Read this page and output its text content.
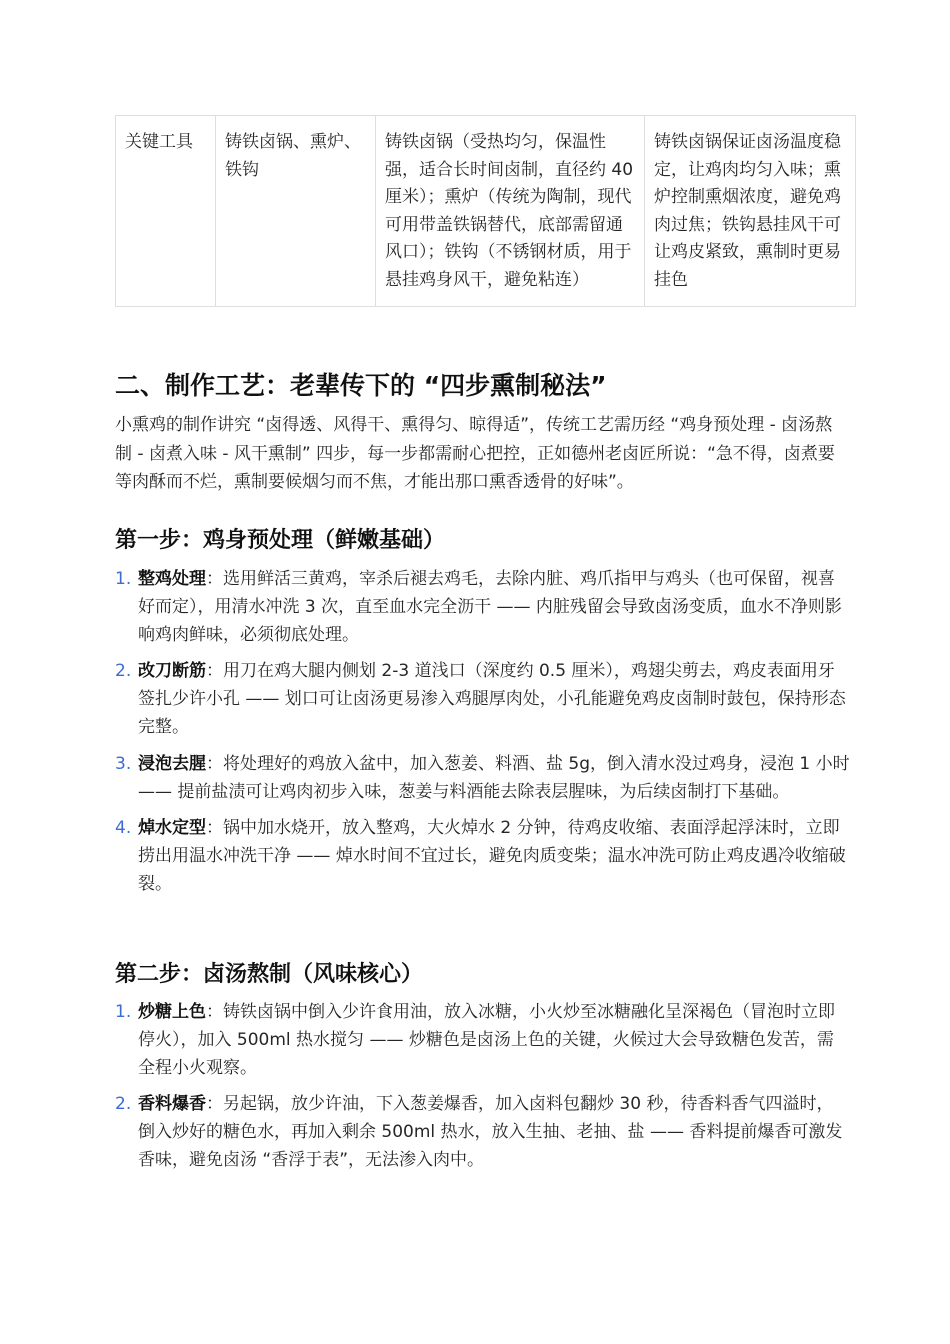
关键工具	铸铁卤锅、熏炉、铁钩	铸铁卤锅（受热均匀，保温性强，适合长时间卤制，直径约 40 厘米）；熏炉（传统为陶制，现代可用带盖铁锅替代，底部需留通风口）；铁钩（不锈钢材质，用于悬挂鸡身风干，避免粘连）	铸铁卤锅保证卤汤温度稳定，让鸡肉均匀入味；熏炉控制熏烟浓度，避免鸡肉过焦；铁钩悬挂风干可让鸡皮紧致，熏制时更易挂色
二、制作工艺：老辈传下的 “四步熏制秘法”

小熏鸡的制作讲究 “卤得透、风得干、熏得匀、晾得适”，传统工艺需历经 “鸡身预处理 - 卤汤熬制 - 卤煮入味 - 风干熏制” 四步，每一步都需耐心把控，正如德州老卤匠所说：“急不得，卤煮要等肉酥而不烂，熏制要候烟匀而不焦，才能出那口熏香透骨的好味”。

第一步：鸡身预处理（鲜嫩基础）
1. 整鸡处理：选用鲜活三黄鸡，宰杀后褪去鸡毛，去除内脏、鸡爪指甲与鸡头（也可保留，视喜好而定），用清水冲洗 3 次，直至血水完全沥干 —— 内脏残留会导致卤汤变质，血水不净则影响鸡肉鲜味，必须彻底处理。
2. 改刀断筋：用刀在鸡大腿内侧划 2-3 道浅口（深度约 0.5 厘米），鸡翅尖剪去，鸡皮表面用牙签扎少许小孔 —— 划口可让卤汤更易渗入鸡腿厚肉处，小孔能避免鸡皮卤制时鼓包，保持形态完整。
3. 浸泡去腥：将处理好的鸡放入盆中，加入葱姜、料酒、盐 5g，倒入清水没过鸡身，浸泡 1 小时 —— 提前盐渍可让鸡肉初步入味，葱姜与料酒能去除表层腥味，为后续卤制打下基础。
4. 焯水定型：锅中加水烧开，放入整鸡，大火焯水 2 分钟，待鸡皮收缩、表面浮起浮沫时，立即捞出用温水冲洗干净 —— 焯水时间不宜过长，避免肉质变柴；温水冲洗可防止鸡皮遇冷收缩破裂。
第二步：卤汤熬制（风味核心）
1. 炒糖上色：铸铁卤锅中倒入少许食用油，放入冰糖，小火炒至冰糖融化呈深褐色（冒泡时立即停火），加入 500ml 热水搅匀 —— 炒糖色是卤汤上色的关键，火候过大会导致糖色发苦，需全程小火观察。
2. 香料爆香：另起锅，放少许油，下入葱姜爆香，加入卤料包翻炒 30 秒，待香料香气四溢时，倒入炒好的糖色水，再加入剩余 500ml 热水，放入生抽、老抽、盐 —— 香料提前爆香可激发香味，避免卤汤 “香浮于表”，无法渗入肉中。
